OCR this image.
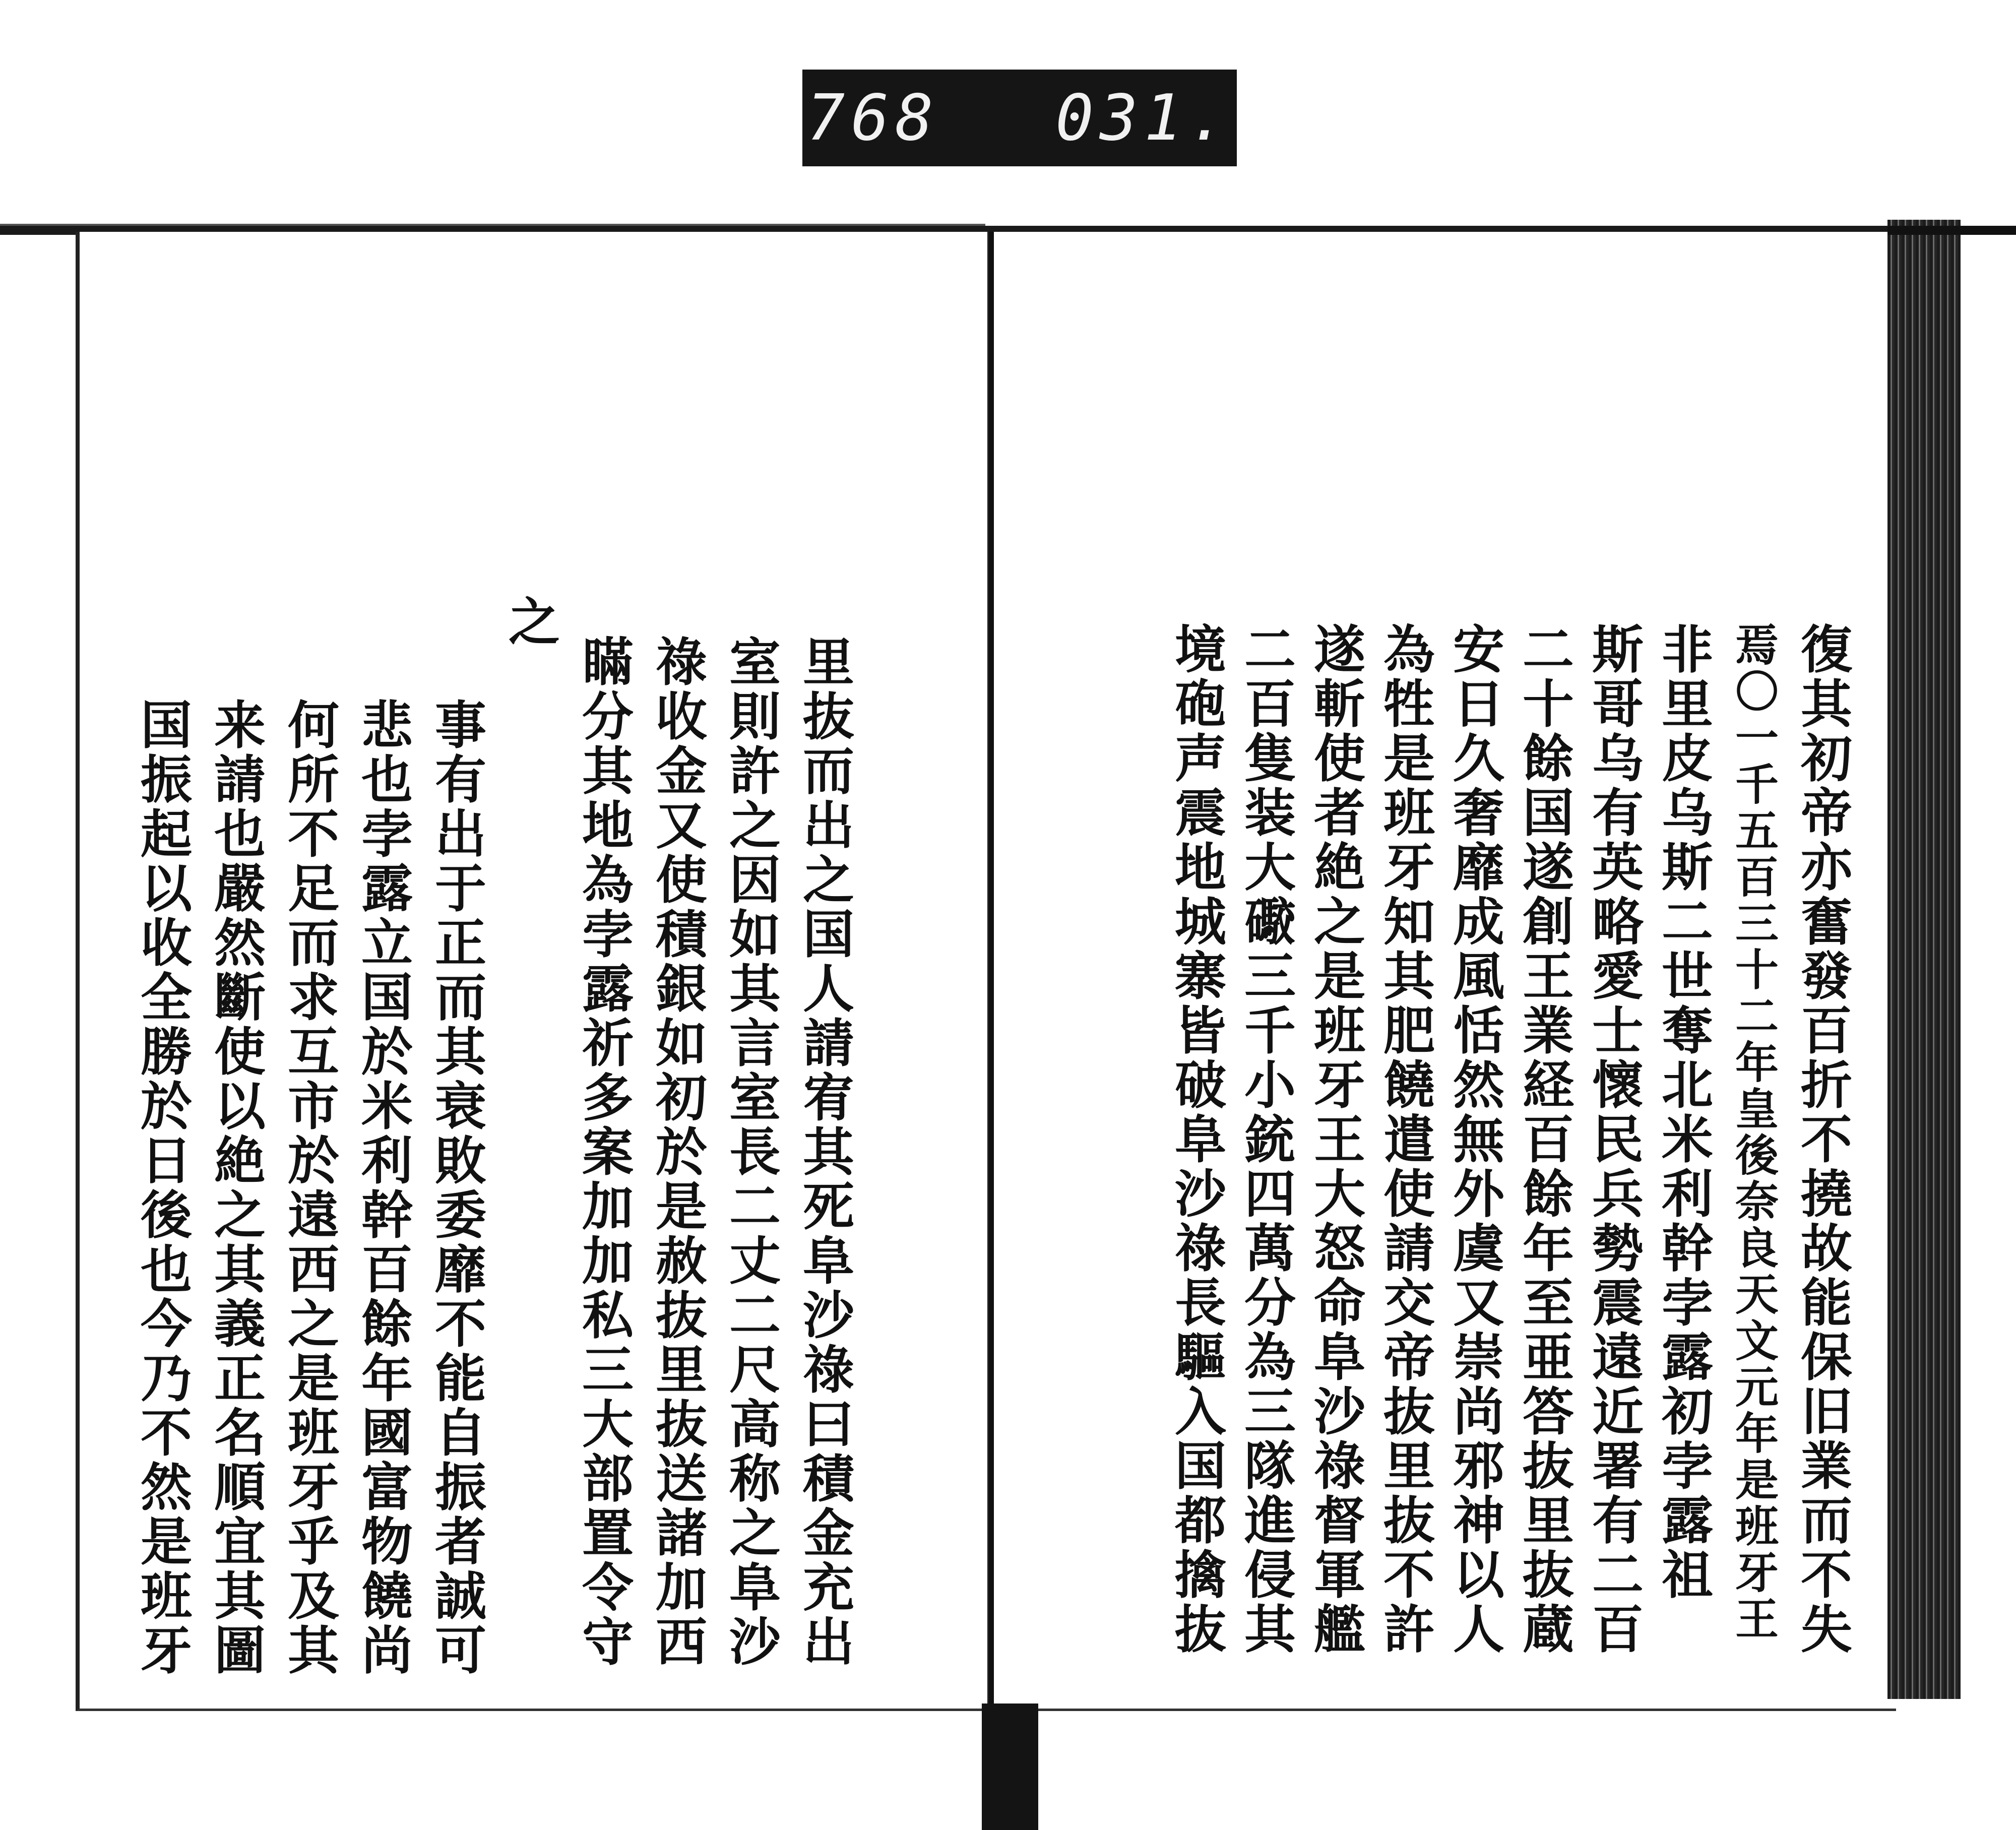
768 031.
里抜而出之国人請宥其死阜沙祿曰積金充出
室則許之因如其言室長二丈二尺高称之阜沙
祿收金又使積銀如初於是赦抜里抜送諸加西
瞞分其地為孛露祈多案加加私三大部置令守
之
事有出于正而其衰敗委靡不能自振者誠可
悲也孛露立国於米利幹百餘年國富物饒尚
何所不足而求互市於遠西之是班牙乎及其
来請也嚴然斷使以絶之其義正名順宜其圖
国振起以收全勝於日後也今乃不然是班牙	復其初帝亦奮發百折不撓故能保旧業而不失
焉〇一千五百三十二年皇後奈良天文元年是班牙王
非里皮乌斯二世奪北米利幹孛露初孛露祖
斯哥乌有英略愛士懷民兵勢震遠近署有二百
二十餘国遂創王業経百餘年至亜答抜里抜蔵
安日久奢靡成風恬然無外虞又崇尚邪神以人
為牲是班牙知其肥饒遣使請交帝抜里抜不許
遂斬使者絶之是班牙王大怒命阜沙祿督軍艦
二百隻装大礮三千小銃四萬分為三隊進侵其
境砲声震地城寨皆破阜沙祿長驅入国都擒抜
